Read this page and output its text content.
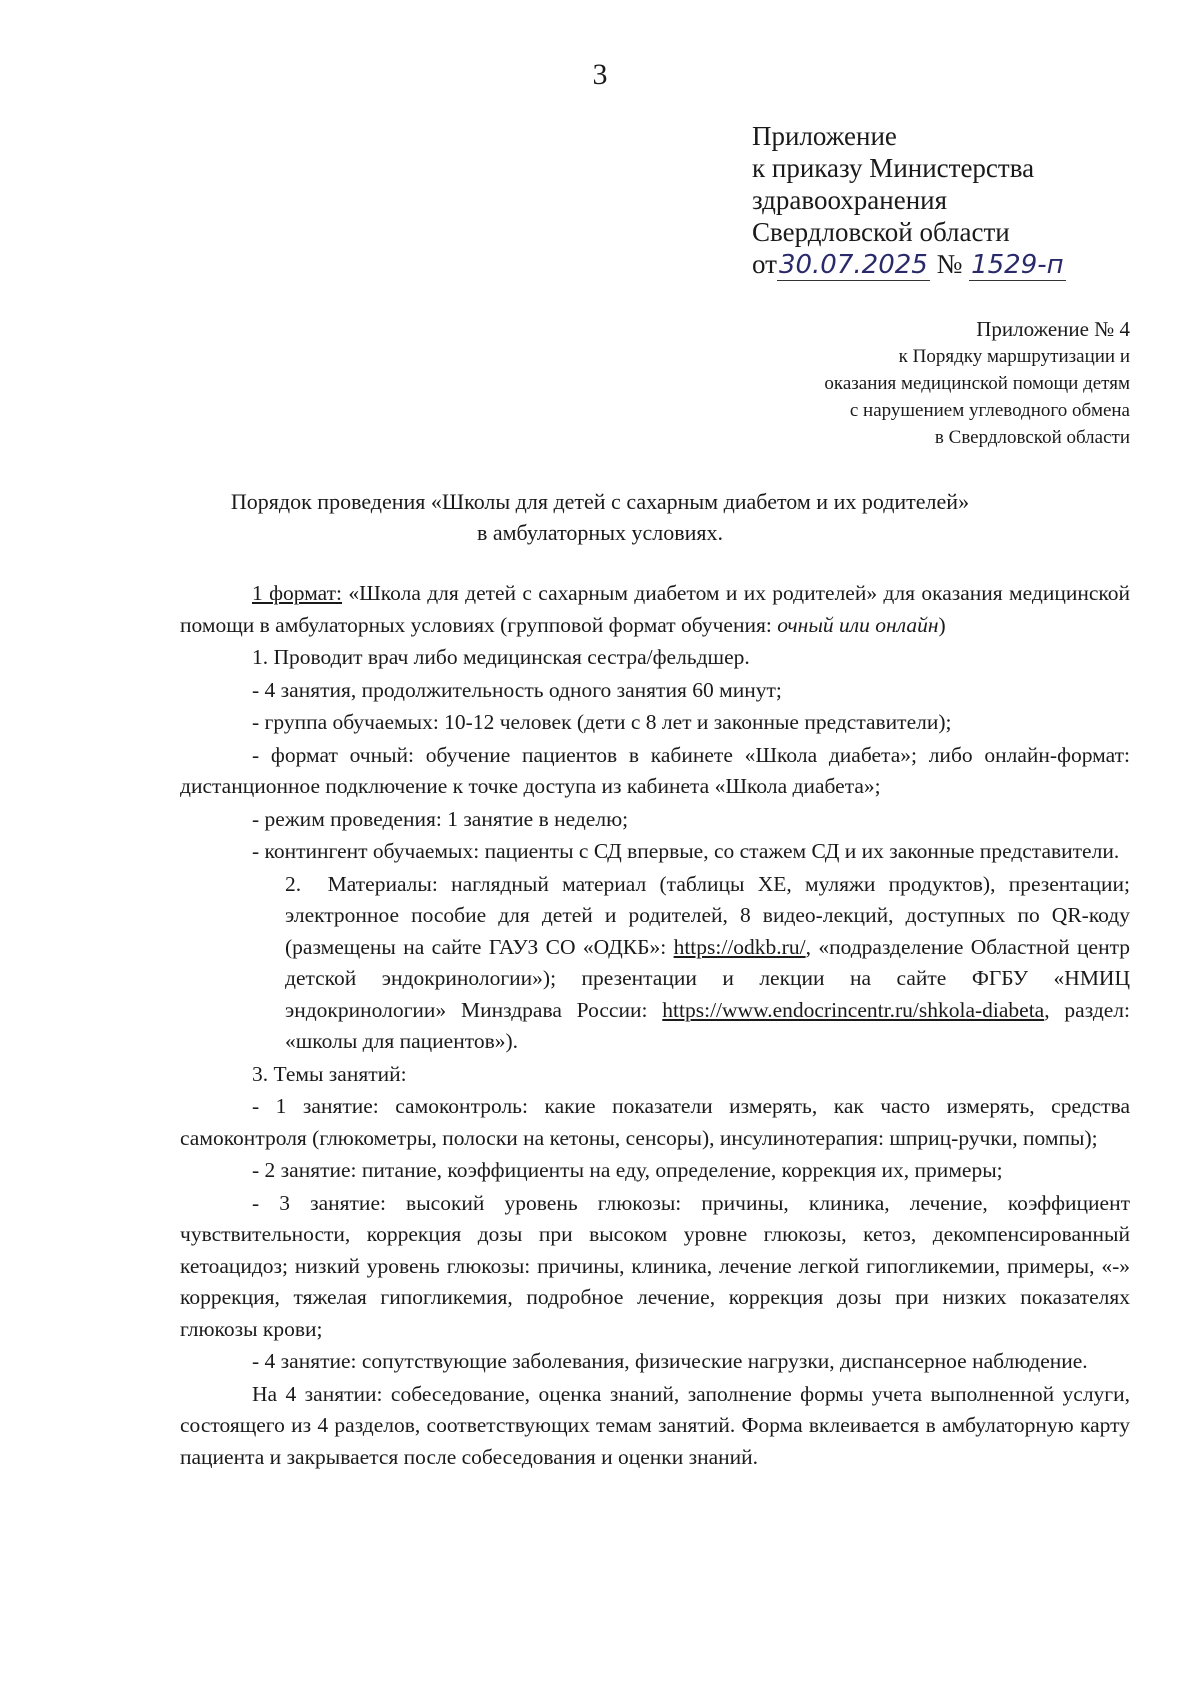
3
Приложение
к приказу Министерства
здравоохранения
Свердловской области
от30.07.2025 № 1529-п
Приложение № 4
к Порядку маршрутизации и
оказания медицинской помощи детям
с нарушением углеводного обмена
в Свердловской области
Порядок проведения «Школы для детей с сахарным диабетом и их родителей»
в амбулаторных условиях.

1 формат: «Школа для детей с сахарным диабетом и их родителей» для оказания медицинской помощи в амбулаторных условиях (групповой формат обучения: очный или онлайн)

1. Проводит врач либо медицинская сестра/фельдшер.

- 4 занятия, продолжительность одного занятия 60 минут;

- группа обучаемых: 10-12 человек (дети с 8 лет и законные представители);

- формат очный: обучение пациентов в кабинете «Школа диабета»; либо онлайн-формат: дистанционное подключение к точке доступа из кабинета «Школа диабета»;

- режим проведения: 1 занятие в неделю;

- контингент обучаемых: пациенты с СД впервые, со стажем СД и их законные представители.

2. Материалы: наглядный материал (таблицы ХЕ, муляжи продуктов), презентации; электронное пособие для детей и родителей, 8 видео-лекций, доступных по QR-коду (размещены на сайте ГАУЗ СО «ОДКБ»: https://odkb.ru/, «подразделение Областной центр детской эндокринологии»); презентации и лекции на сайте ФГБУ «НМИЦ эндокринологии» Минздрава России: https://www.endocrincentr.ru/shkola-diabeta, раздел: «школы для пациентов»).

3. Темы занятий:

- 1 занятие: самоконтроль: какие показатели измерять, как часто измерять, средства самоконтроля (глюкометры, полоски на кетоны, сенсоры), инсулинотерапия: шприц-ручки, помпы);

- 2 занятие: питание, коэффициенты на еду, определение, коррекция их, примеры;

- 3 занятие: высокий уровень глюкозы: причины, клиника, лечение, коэффициент чувствительности, коррекция дозы при высоком уровне глюкозы, кетоз, декомпенсированный кетоацидоз; низкий уровень глюкозы: причины, клиника, лечение легкой гипогликемии, примеры, «-» коррекция, тяжелая гипогликемия, подробное лечение, коррекция дозы при низких показателях глюкозы крови;

- 4 занятие: сопутствующие заболевания, физические нагрузки, диспансерное наблюдение.

На 4 занятии: собеседование, оценка знаний, заполнение формы учета выполненной услуги, состоящего из 4 разделов, соответствующих темам занятий. Форма вклеивается в амбулаторную карту пациента и закрывается после собеседования и оценки знаний.
